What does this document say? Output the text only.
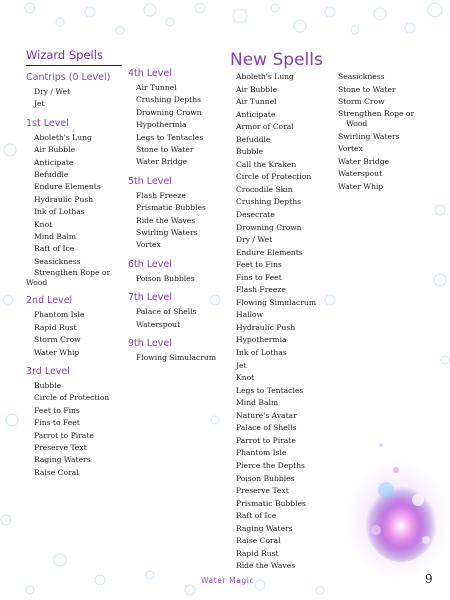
Wizard Spells
Cantrips (0 Level)
Dry / Wet
Jet
1st Level
Aboleth's Lung
Air Bubble
Anticipate
Befuddle
Endure Elements
Hydraulic Push
Ink of Lothas
Knot
Mind Balm
Raft of Ice
Seasickness
Strengthen Rope or Wood
2nd Level
Phantom Isle
Rapid Rust
Storm Crow
Water Whip
3rd Level
Bubble
Circle of Protection
Feet to Fins
Fins to Feet
Parrot to Pirate
Preserve Text
Raging Waters
Raise Coral
4th Level
Air Tunnel
Crushing Depths
Drowning Crown
Hypothermia
Legs to Tentacles
Stone to Water
Water Bridge
5th Level
Flash Freeze
Prismatic Bubbles
Ride the Waves
Swirling Waters
Vortex
6th Level
Poison Bubbles
7th Level
Palace of Shells
Waterspout
9th Level
Flowing Simulacrum
New Spells
Aboleth's Lung
Air Bubble
Air Tunnel
Anticipate
Armor of Coral
Befuddle
Bubble
Call the Kraken
Circle of Protection
Crocodile Skin
Crushing Depths
Desecrate
Drowning Crown
Dry / Wet
Endure Elements
Feet to Fins
Fins to Feet
Flash Freeze
Flowing Simulacrum
Hallow
Hydraulic Push
Hypothermia
Ink of Lothas
Jet
Knot
Legs to Tentacles
Mind Balm
Nature's Avatar
Palace of Shells
Parrot to Pirate
Phantom Isle
Pierce the Depths
Poison Bubbles
Preserve Text
Prismatic Bubbles
Raft of Ice
Raging Waters
Raise Coral
Rapid Rust
Ride the Waves
Seasickness
Stone to Water
Storm Crow
Strengthen Rope or Wood
Swirling Waters
Vortex
Water Bridge
Waterspout
Water Whip
Water Magic	9
